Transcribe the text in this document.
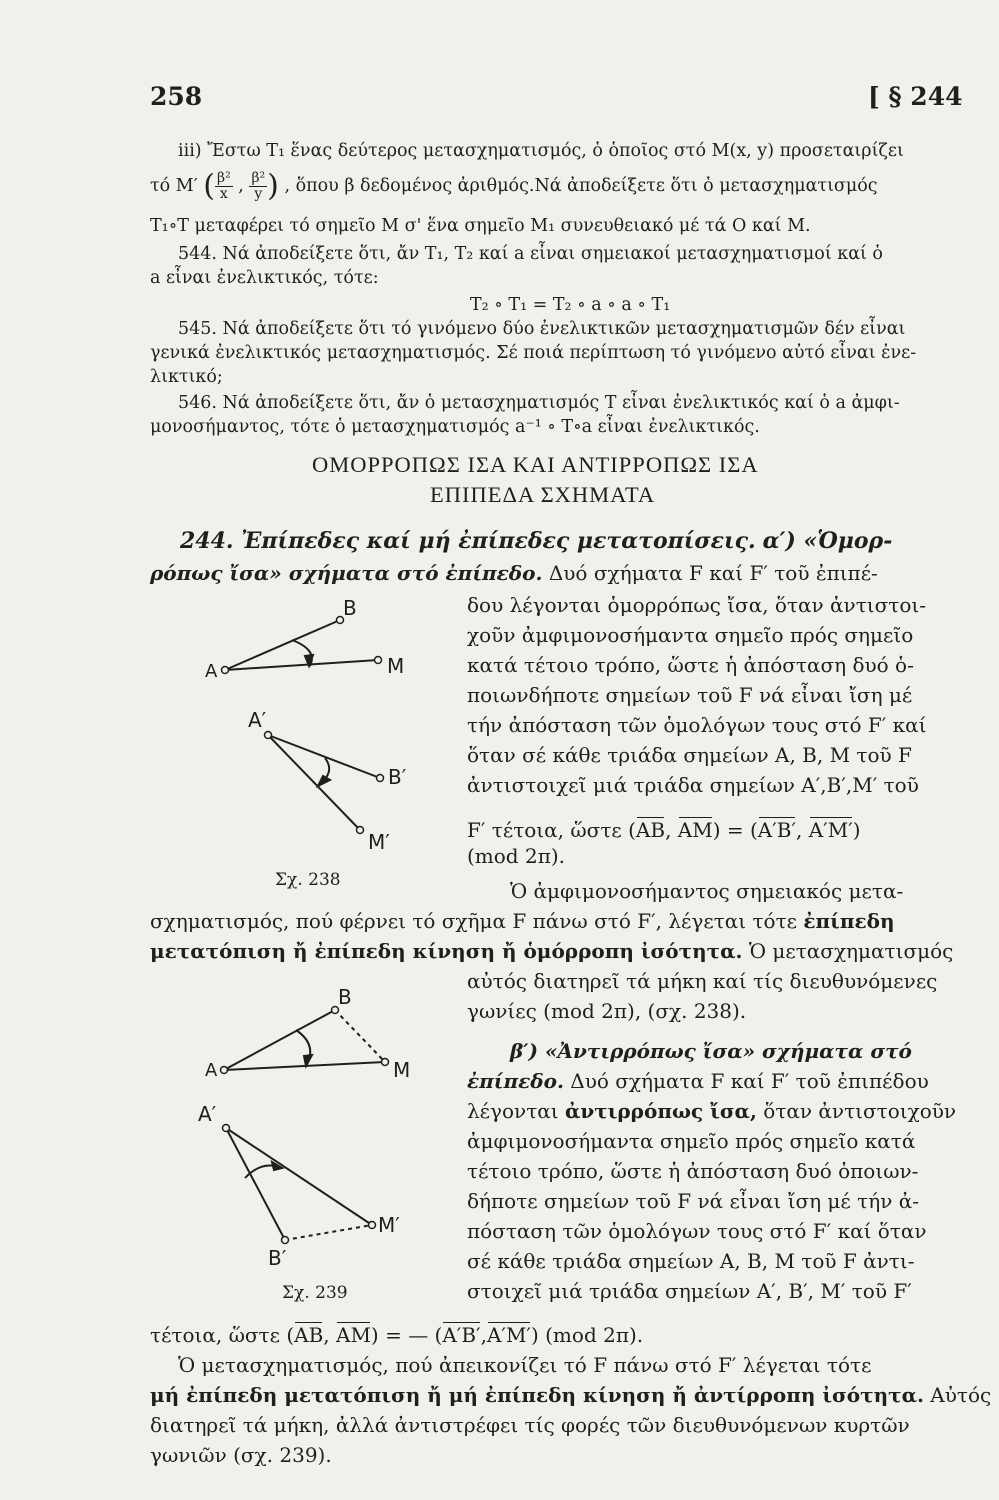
258	[ § 244
iii) Ἔστω T₁ ἕνας δεύτερος μετασχηματισμός, ὁ ὁποῖος στό M(x, y) προσεταιρίζει
τό M′ ( $\frac{\text{β²}}{x}$ , $\frac{\text{β²}}{y}$ ) , ὅπου β δεδομένος ἀριθμός.Νά ἀποδείξετε ὅτι ὁ μετασχηματισμός
T₁∘T μεταφέρει τό σημεῖο M σ' ἕνα σημεῖο M₁ συνευθειακό μέ τά O καί M.
544. Νά ἀποδείξετε ὅτι, ἄν T₁, T₂ καί a εἶναι σημειακοί μετασχηματισμοί καί ὁ
a εἶναι ἐνελικτικός, τότε:
T₂ ∘ T₁ = T₂ ∘ a ∘ a ∘ T₁
545. Νά ἀποδείξετε ὅτι τό γινόμενο δύο ἐνελικτικῶν μετασχηματισμῶν δέν εἶναι
γενικά ἐνελικτικός μετασχηματισμός. Σέ ποιά περίπτωση τό γινόμενο αὐτό εἶναι ἐνε-
λικτικό;
546. Νά ἀποδείξετε ὅτι, ἄν ὁ μετασχηματισμός T εἶναι ἐνελικτικός καί ὁ a ἀμφι-
μονοσήμαντος, τότε ὁ μετασχηματισμός a⁻¹ ∘ T∘a εἶναι ἐνελικτικός.
ΟΜΟΡΡΟΠΩΣ ΙΣΑ ΚΑΙ ΑΝΤΙΡΡΟΠΩΣ ΙΣΑ
ΕΠΙΠΕΔΑ ΣΧΗΜΑΤΑ
244. Ἐπίπεδες καί μή ἐπίπεδες μετατοπίσεις. α′) «Ὁμορ-
ρόπως ἴσα» σχήματα στό ἐπίπεδο. Δυό σχήματα F καί F′ τοῦ ἐπιπέ-
δου λέγονται ὁμορρόπως ἴσα, ὅταν ἀντιστοι-
χοῦν ἀμφιμονοσήμαντα σημεῖο πρός σημεῖο
κατά τέτοιο τρόπο, ὥστε ἡ ἀπόσταση δυό ὁ-
ποιωνδήποτε σημείων τοῦ F νά εἶναι ἴση μέ
τήν ἀπόσταση τῶν ὁμολόγων τους στό F′ καί
ὅταν σέ κάθε τριάδα σημείων A, B, M τοῦ F
ἀντιστοιχεῖ μιά τριάδα σημείων A′,B′,M′ τοῦ
F′ τέτοια, ὥστε (AB, AM) = (A′B′, A′M′)
(mod 2π).
Ὁ ἀμφιμονοσήμαντος σημειακός μετα-
σχηματισμός, πού φέρνει τό σχῆμα F πάνω στό F′, λέγεται τότε ἐπίπεδη
μετατόπιση ἤ ἐπίπεδη κίνηση ἤ ὁμόρροπη ἰσότητα. Ὁ μετασχηματισμός
αὐτός διατηρεῖ τά μήκη καί τίς διευθυνόμενες
γωνίες (mod 2π), (σχ. 238).
β′) «Ἀντιρρόπως ἴσα» σχήματα στό
ἐπίπεδο. Δυό σχήματα F καί F′ τοῦ ἐπιπέδου
λέγονται ἀντιρρόπως ἴσα, ὅταν ἀντιστοιχοῦν
ἀμφιμονοσήμαντα σημεῖο πρός σημεῖο κατά
τέτοιο τρόπο, ὥστε ἡ ἀπόσταση δυό ὁποιων-
δήποτε σημείων τοῦ F νά εἶναι ἴση μέ τήν ἀ-
πόσταση τῶν ὁμολόγων τους στό F′ καί ὅταν
σέ κάθε τριάδα σημείων A, B, M τοῦ F ἀντι-
στοιχεῖ μιά τριάδα σημείων A′, B′, M′ τοῦ F′
τέτοια, ὥστε (AB, AM) = — (A′B′,A′M′) (mod 2π).
Ὁ μετασχηματισμός, πού ἀπεικονίζει τό F πάνω στό F′ λέγεται τότε
μή ἐπίπεδη μετατόπιση ἤ μή ἐπίπεδη κίνηση ἤ ἀντίρροπη ἰσότητα. Αὐτός
διατηρεῖ τά μήκη, ἀλλά ἀντιστρέφει τίς φορές τῶν διευθυνόμενων κυρτῶν
γωνιῶν (σχ. 239).
A
B
M
A′
B′
M′
Σχ. 238
A
B
M
A′
B′
M′
Σχ. 239
